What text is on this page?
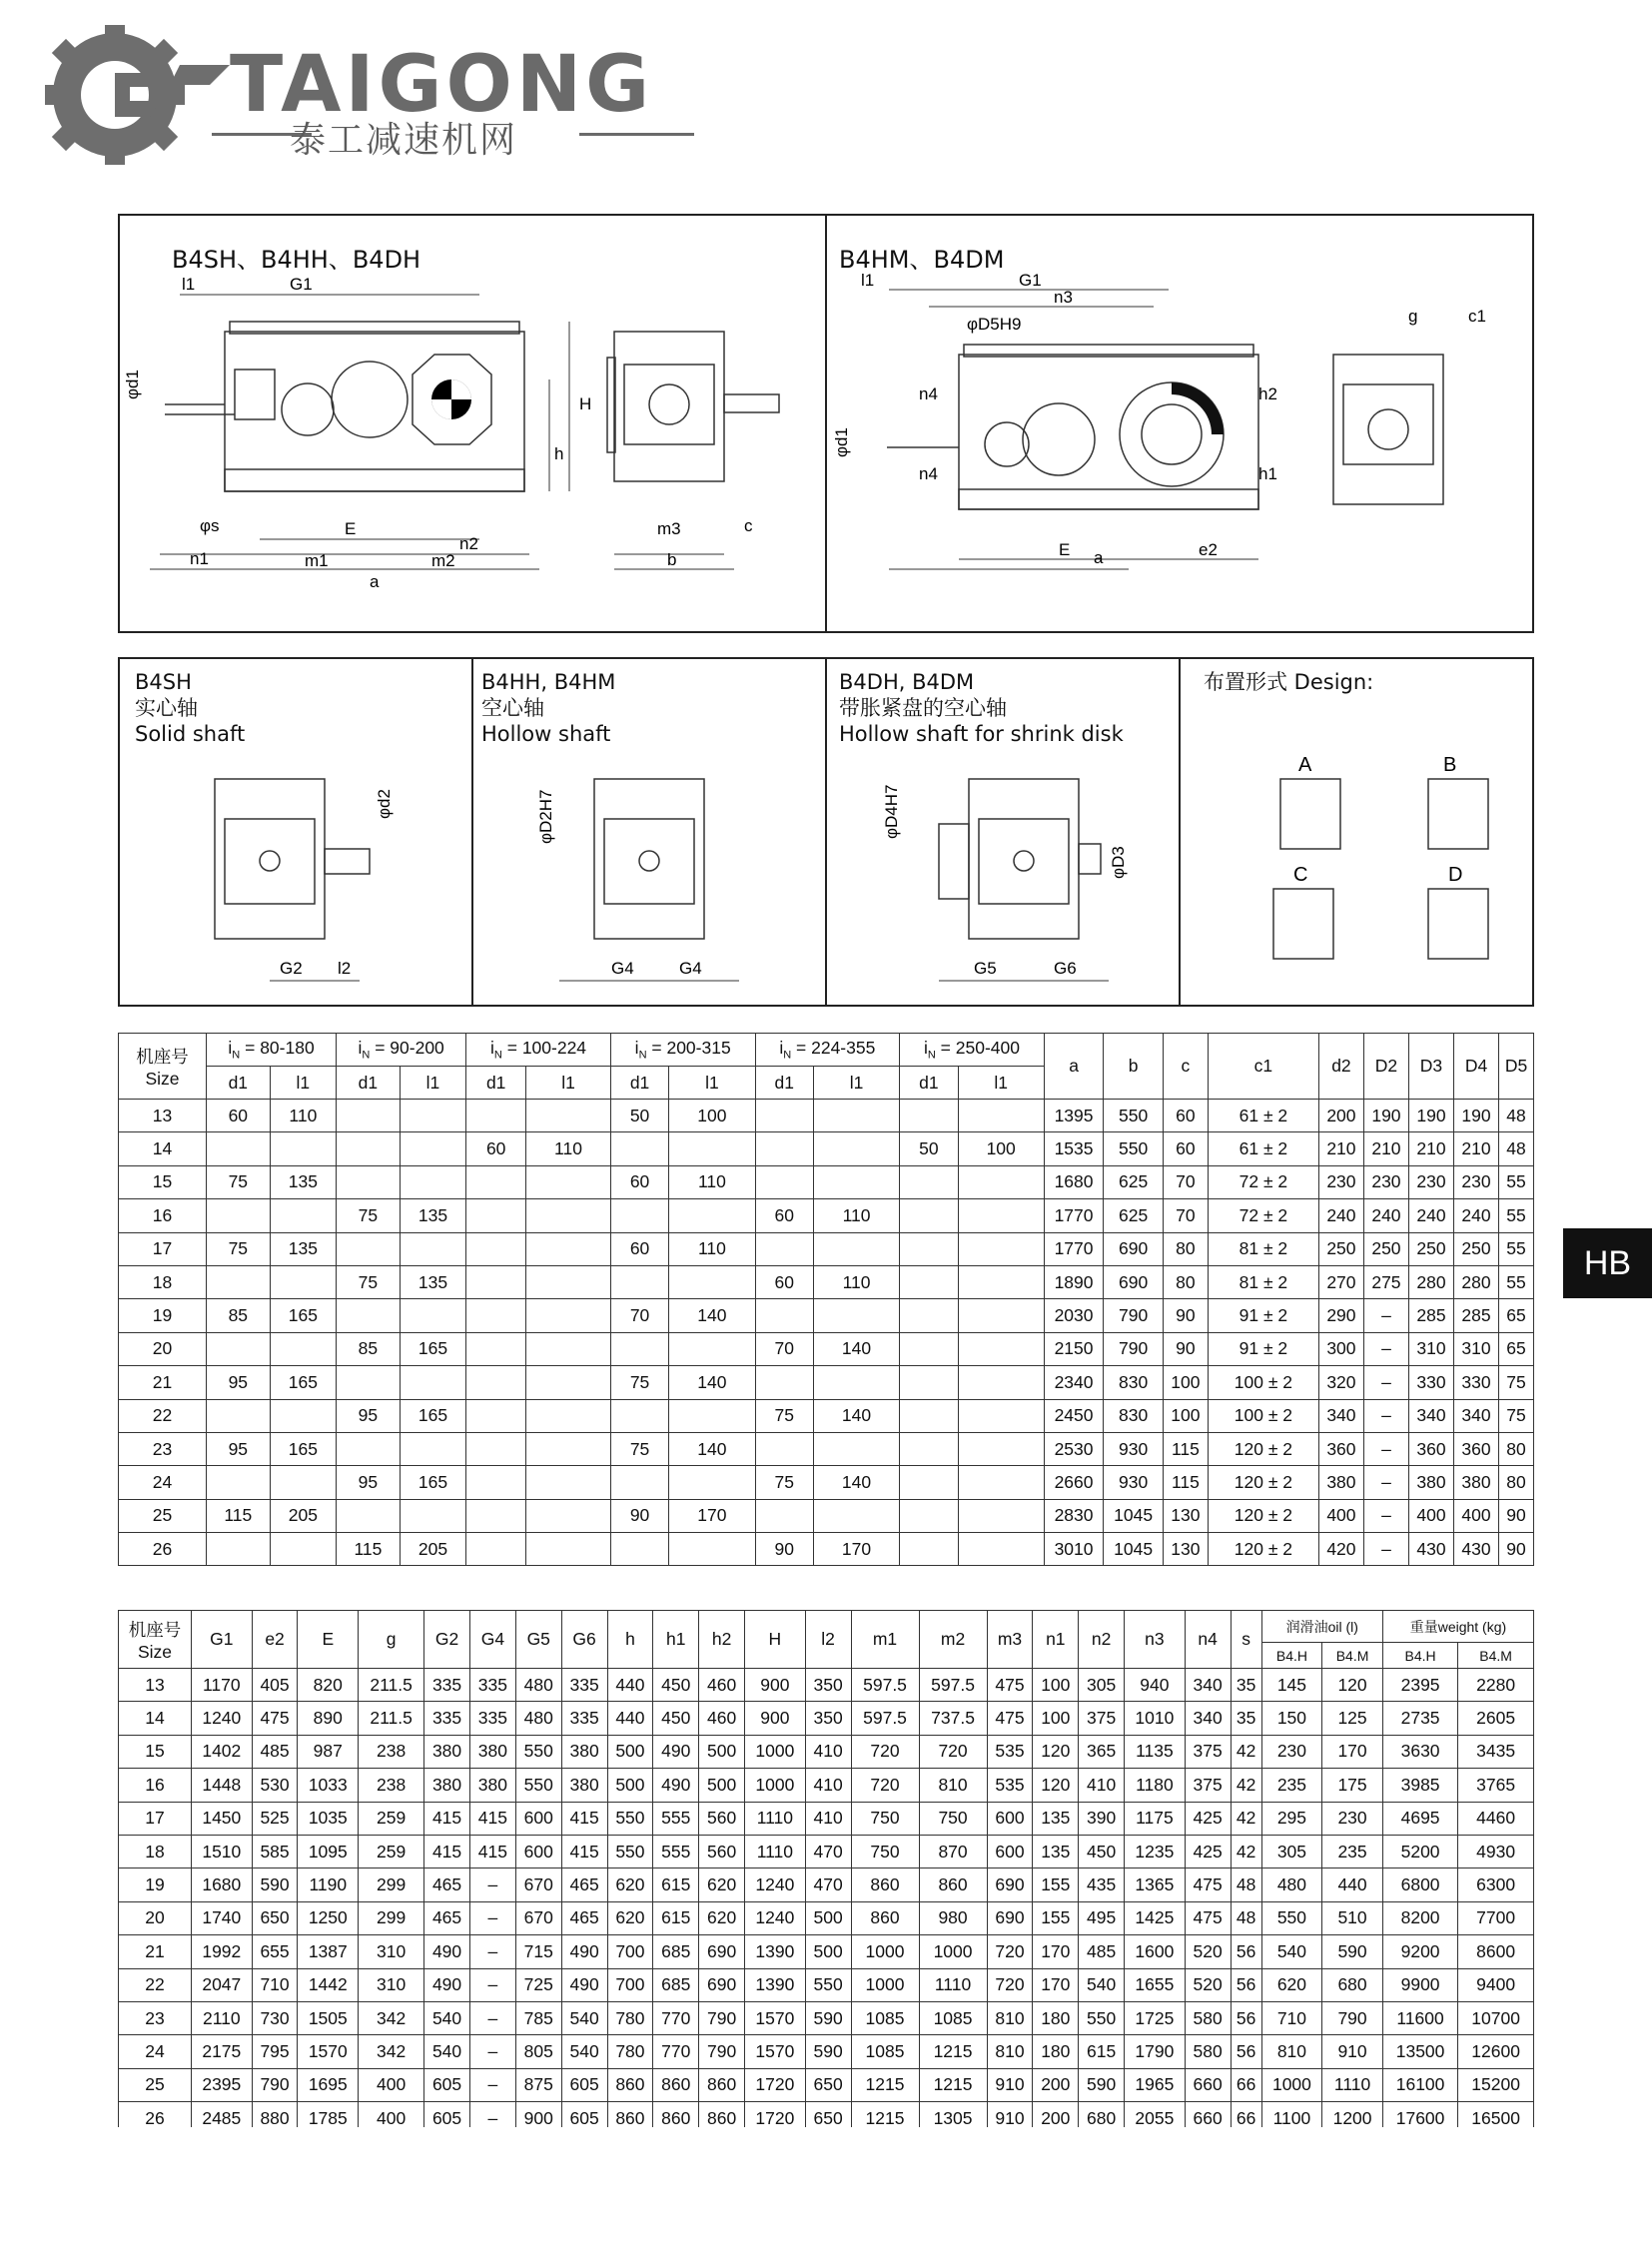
TAIGONG
泰工减速机网
B4SH、B4HH、B4DH	B4HM、B4DM
l1	G1
φd1
H
h
φs	E
n2
n1	m1	m2
a
m3
b
c
G1
l1
n3
φD5H9	g	c1
φd1
n4	h2
n4	h1
E	e2
a
B4SH
实心轴
Solid shaft
B4HH, B4HM
空心轴
Hollow shaft
B4DH, B4DM
带胀紧盘的空心轴
Hollow shaft for shrink disk
布置形式 Design:
φd2
G2 l2
φD2H7
G4	G4
φD4H7
φD3
G5	G6
A	B
C	D
机座号
Size	$i_N = 80-180$		$i_N = 90-200$		$i_N = 100-224$		$i_N = 200-315$		$i_N = 224-355$		$i_N = 250-400$		a	b	c	c1	d2	D2	D3	D4	D5
	d1	l1	d1	l1	d1	l1	d1	l1	d1	l1	d1	l1									
13	60	110					50	100					1395	550	60	61 ± 2	200	190	190	190	48
14					60	110					50	100	1535	550	60	61 ± 2	210	210	210	210	48
15	75	135					60	110					1680	625	70	72 ± 2	230	230	230	230	55
16			75	135					60	110			1770	625	70	72 ± 2	240	240	240	240	55
17	75	135					60	110					1770	690	80	81 ± 2	250	250	250	250	55
18			75	135					60	110			1890	690	80	81 ± 2	270	275	280	280	55
19	85	165					70	140					2030	790	90	91 ± 2	290	–	285	285	65
20			85	165					70	140			2150	790	90	91 ± 2	300	–	310	310	65
21	95	165					75	140					2340	830	100	100 ± 2	320	–	330	330	75
22			95	165					75	140			2450	830	100	100 ± 2	340	–	340	340	75
23	95	165					75	140					2530	930	115	120 ± 2	360	–	360	360	80
24			95	165					75	140			2660	930	115	120 ± 2	380	–	380	380	80
25	115	205					90	170					2830	1045	130	120 ± 2	400	–	400	400	90
26			115	205					90	170			3010	1045	130	120 ± 2	420	–	430	430	90
机座号
Size	G1	e2	E	g	G2	G4	G5	G6	h	h1	h2	H	l2	m1	m2	m3	n1	n2	n3	n4	s	润滑油oil (l)		重量weight (kg)	
																						B4.H	B4.M	B4.H	B4.M
13	1170	405	820	211.5	335	335	480	335	440	450	460	900	350	597.5	597.5	475	100	305	940	340	35	145	120	2395	2280
14	1240	475	890	211.5	335	335	480	335	440	450	460	900	350	597.5	737.5	475	100	375	1010	340	35	150	125	2735	2605
15	1402	485	987	238	380	380	550	380	500	490	500	1000	410	720	720	535	120	365	1135	375	42	230	170	3630	3435
16	1448	530	1033	238	380	380	550	380	500	490	500	1000	410	720	810	535	120	410	1180	375	42	235	175	3985	3765
17	1450	525	1035	259	415	415	600	415	550	555	560	1110	410	750	750	600	135	390	1175	425	42	295	230	4695	4460
18	1510	585	1095	259	415	415	600	415	550	555	560	1110	470	750	870	600	135	450	1235	425	42	305	235	5200	4930
19	1680	590	1190	299	465	–	670	465	620	615	620	1240	470	860	860	690	155	435	1365	475	48	480	440	6800	6300
20	1740	650	1250	299	465	–	670	465	620	615	620	1240	500	860	980	690	155	495	1425	475	48	550	510	8200	7700
21	1992	655	1387	310	490	–	715	490	700	685	690	1390	500	1000	1000	720	170	485	1600	520	56	540	590	9200	8600
22	2047	710	1442	310	490	–	725	490	700	685	690	1390	550	1000	1110	720	170	540	1655	520	56	620	680	9900	9400
23	2110	730	1505	342	540	–	785	540	780	770	790	1570	590	1085	1085	810	180	550	1725	580	56	710	790	11600	10700
24	2175	795	1570	342	540	–	805	540	780	770	790	1570	590	1085	1215	810	180	615	1790	580	56	810	910	13500	12600
25	2395	790	1695	400	605	–	875	605	860	860	860	1720	650	1215	1215	910	200	590	1965	660	66	1000	1110	16100	15200
26	2485	880	1785	400	605	–	900	605	860	860	860	1720	650	1215	1305	910	200	680	2055	660	66	1100	1200	17600	16500
HB
